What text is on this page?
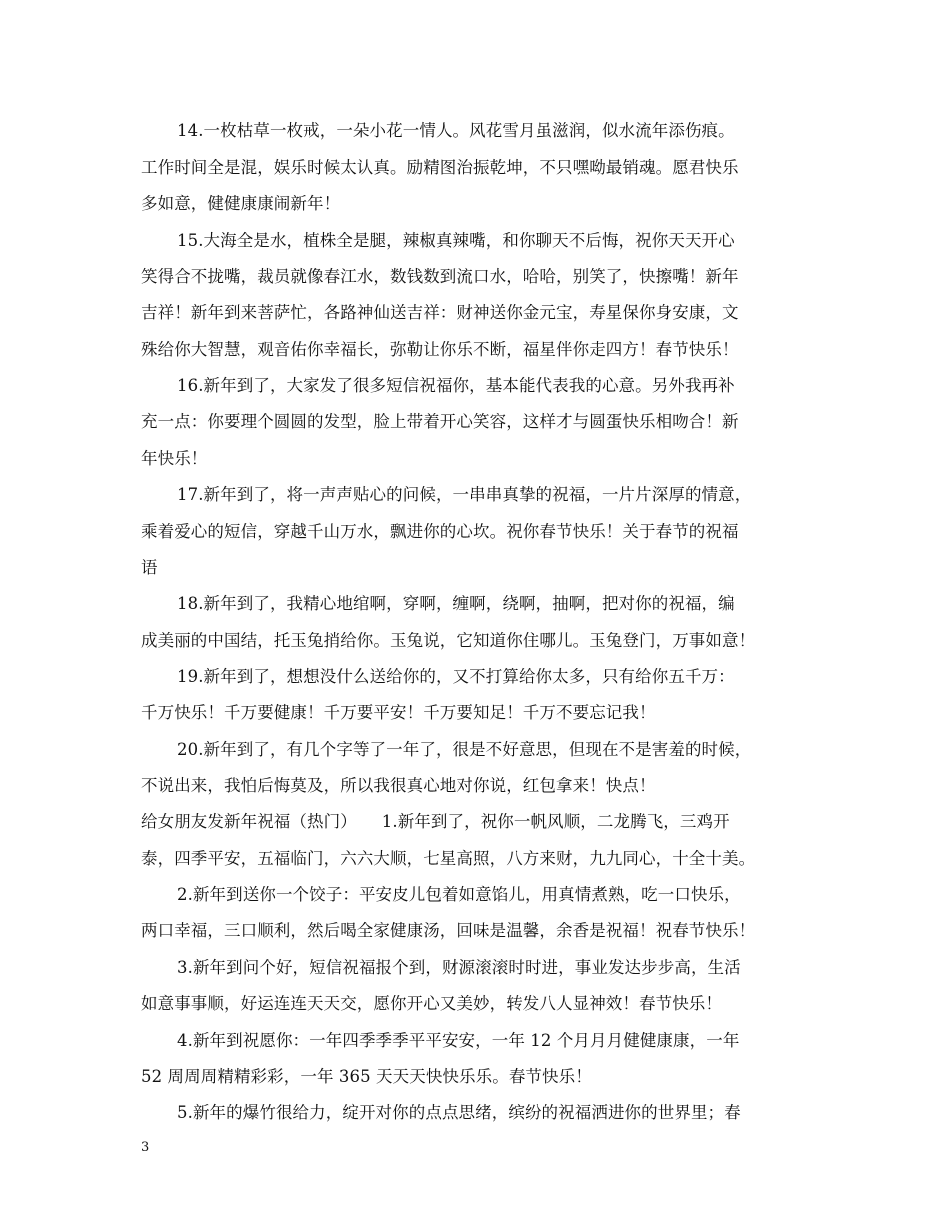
14.一枚枯草一枚戒，一朵小花一情人。风花雪月虽滋润，似水流年添伤痕。
工作时间全是混，娱乐时候太认真。励精图治振乾坤，不只嘿呦最销魂。愿君快乐
多如意，健健康康闹新年！
15.大海全是水，植株全是腿，辣椒真辣嘴，和你聊天不后悔，祝你天天开心
笑得合不拢嘴，裁员就像春江水，数钱数到流口水，哈哈，别笑了，快擦嘴！新年
吉祥！新年到来菩萨忙，各路神仙送吉祥：财神送你金元宝，寿星保你身安康，文
殊给你大智慧，观音佑你幸福长，弥勒让你乐不断，福星伴你走四方！春节快乐！
16.新年到了，大家发了很多短信祝福你，基本能代表我的心意。另外我再补
充一点：你要理个圆圆的发型，脸上带着开心笑容，这样才与圆蛋快乐相吻合！新
年快乐！
17.新年到了，将一声声贴心的问候，一串串真挚的祝福，一片片深厚的情意，
乘着爱心的短信，穿越千山万水，飘进你的心坎。祝你春节快乐！关于春节的祝福
语
18.新年到了，我精心地绾啊，穿啊，缠啊，绕啊，抽啊，把对你的祝福，编
成美丽的中国结，托玉兔捎给你。玉兔说，它知道你住哪儿。玉兔登门，万事如意！
19.新年到了，想想没什么送给你的，又不打算给你太多，只有给你五千万：
千万快乐！千万要健康！千万要平安！千万要知足！千万不要忘记我！
20.新年到了，有几个字等了一年了，很是不好意思，但现在不是害羞的时候，
不说出来，我怕后悔莫及，所以我很真心地对你说，红包拿来！快点！
给女朋友发新年祝福（热门）　　1.新年到了，祝你一帆风顺，二龙腾飞，三鸡开
泰，四季平安，五福临门，六六大顺，七星高照，八方来财，九九同心，十全十美。
2.新年到送你一个饺子：平安皮儿包着如意馅儿，用真情煮熟，吃一口快乐，
两口幸福，三口顺利，然后喝全家健康汤，回味是温馨，余香是祝福！祝春节快乐！
3.新年到问个好，短信祝福报个到，财源滚滚时时进，事业发达步步高，生活
如意事事顺，好运连连天天交，愿你开心又美妙，转发八人显神效！春节快乐！
4.新年到祝愿你：一年四季季季平平安安，一年 12 个月月月健健康康，一年
52 周周周精精彩彩，一年 365 天天天快快乐乐。春节快乐！
5.新年的爆竹很给力，绽开对你的点点思绪，缤纷的祝福洒进你的世界里；春
3
